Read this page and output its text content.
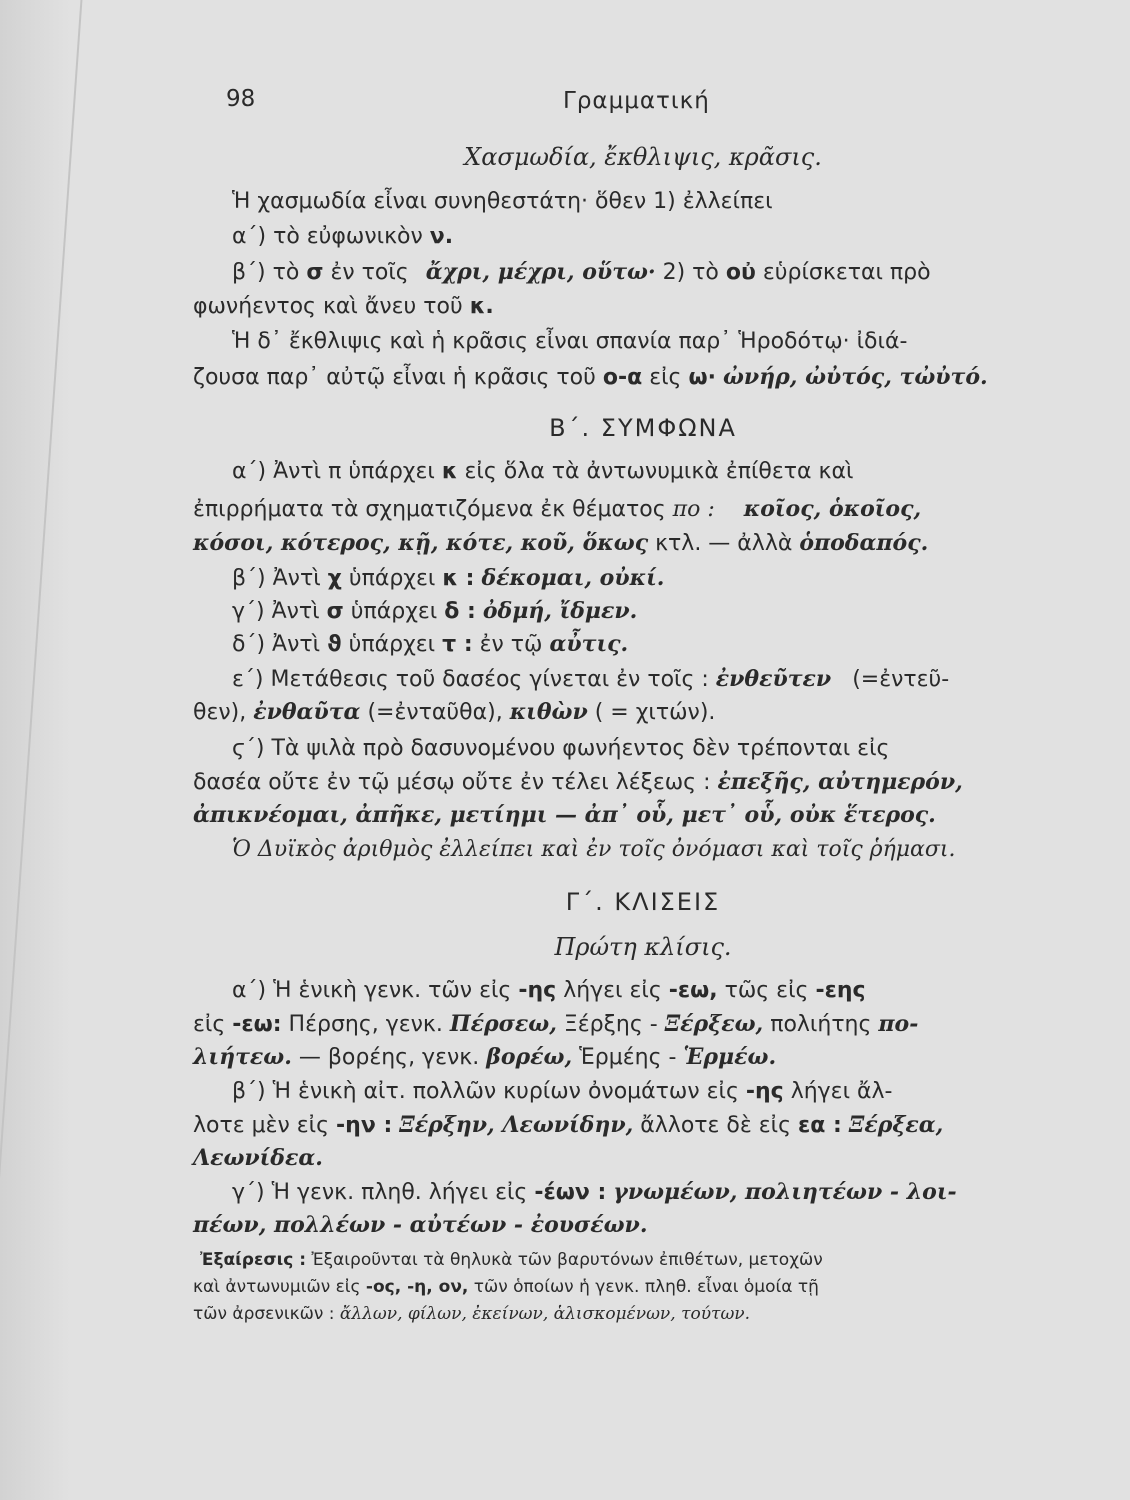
98	Γραμματική
Χασμωδία, ἔκθλιψις, κρᾶσις.
Ἡ χασμωδία εἶναι συνηθεστάτη· ὅθεν 1) ἐλλείπει
α΄) τὸ εὐφωνικὸν ν.
β΄) τὸ σ ἐν τοῖς ἄχρι, μέχρι, οὕτω· 2) τὸ οὐ εὑρίσκεται πρὸ
φωνήεντος καὶ ἄνευ τοῦ κ.
Ἡ δ᾽ ἔκθλιψις καὶ ἡ κρᾶσις εἶναι σπανία παρ᾽ Ἡροδότῳ· ἰδιά-
ζουσα παρ᾽ αὐτῷ εἶναι ἡ κρᾶσις τοῦ ο-α εἰς ω· ὠνήρ, ὠὐτός, τὠὐτό.
Β΄. ΣΥΜΦΩΝΑ
α΄) Ἀντὶ π ὑπάρχει κ εἰς ὅλα τὰ ἀντωνυμικὰ ἐπίθετα καὶ
ἐπιρρήματα τὰ σχηματιζόμενα ἐκ θέματος πο : κοῖος, ὁκοῖος,
κόσοι, κότερος, κῇ, κότε, κοῦ, ὅκως κτλ. — ἀλλὰ ὁποδαπός.
β΄) Ἀντὶ χ ὑπάρχει κ : δέκομαι, οὐκί.
γ΄) Ἀντὶ σ ὑπάρχει δ : ὀδμή, ἴδμεν.
δ΄) Ἀντὶ ϑ ὑπάρχει τ : ἐν τῷ αὖτις.
ε΄) Μετάθεσις τοῦ δασέος γίνεται ἐν τοῖς : ἐνθεῦτεν (=ἐντεῦ-
θεν), ἐνθαῦτα (=ἐνταῦθα), κιθὼν ( = χιτών).
ϛ΄) Τὰ ψιλὰ πρὸ δασυνομένου φωνήεντος δὲν τρέπονται εἰς
δασέα οὔτε ἐν τῷ μέσῳ οὔτε ἐν τέλει λέξεως : ἐπεξῆς, αὐτημερόν,
ἀπικνέομαι, ἀπῆκε, μετίημι — ἀπ᾽ οὗ, μετ᾽ οὗ, οὐκ ἕτερος.
Ὁ Δυϊκὸς ἀριθμὸς ἐλλείπει καὶ ἐν τοῖς ὀνόμασι καὶ τοῖς ῥήμασι.
Γ΄. ΚΛΙΣΕΙΣ
Πρώτη κλίσις.
α΄) Ἡ ἑνικὴ γενκ. τῶν εἰς -ης λήγει εἰς -εω, τῶς εἰς -εης
εἰς -εω: Πέρσης, γενκ. Πέρσεω, Ξέρξης - Ξέρξεω, πολιήτης πο-
λιήτεω. — βορέης, γενκ. βορέω, Ἑρμέης - Ἑρμέω.
β΄) Ἡ ἑνικὴ αἰτ. πολλῶν κυρίων ὀνομάτων εἰς -ης λήγει ἄλ-
λοτε μὲν εἰς -ην : Ξέρξην, Λεωνίδην, ἄλλοτε δὲ εἰς εα : Ξέρξεα,
Λεωνίδεα.
γ΄) Ἡ γενκ. πληθ. λήγει εἰς -έων : γνωμέων, πολιητέων - λοι-
πέων, πολλέων - αὐτέων - ἐουσέων.
Ἐξαίρεσις : Ἐξαιροῦνται τὰ θηλυκὰ τῶν βαρυτόνων ἐπιθέτων, μετοχῶν
καὶ ἀντωνυμιῶν εἰς -ος, -η, ον, τῶν ὁποίων ἡ γενκ. πληθ. εἶναι ὁμοία τῇ
τῶν ἀρσενικῶν : ἄλλων, φίλων, ἐκείνων, ἁλισκομένων, τούτων.
